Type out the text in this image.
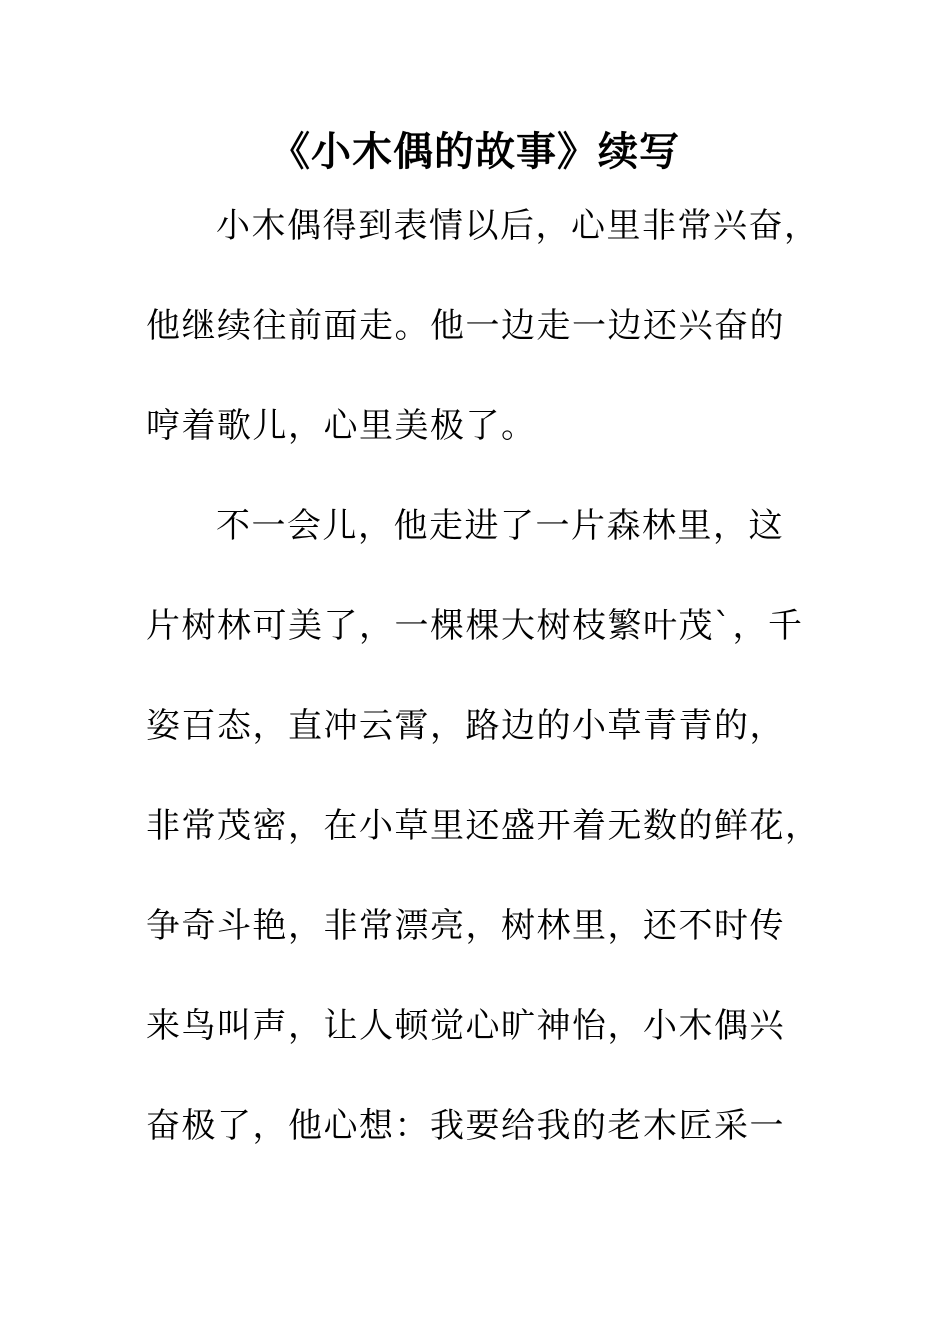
《小木偶的故事》续写
小木偶得到表情以后，心里非常兴奋，
他继续往前面走。他一边走一边还兴奋的
哼着歌儿，心里美极了。
不一会儿，他走进了一片森林里，这
片树林可美了，一棵棵大树枝繁叶茂`，千
姿百态，直冲云霄，路边的小草青青的，
非常茂密，在小草里还盛开着无数的鲜花，
争奇斗艳，非常漂亮，树林里，还不时传
来鸟叫声，让人顿觉心旷神怡，小木偶兴
奋极了，他心想：我要给我的老木匠采一
